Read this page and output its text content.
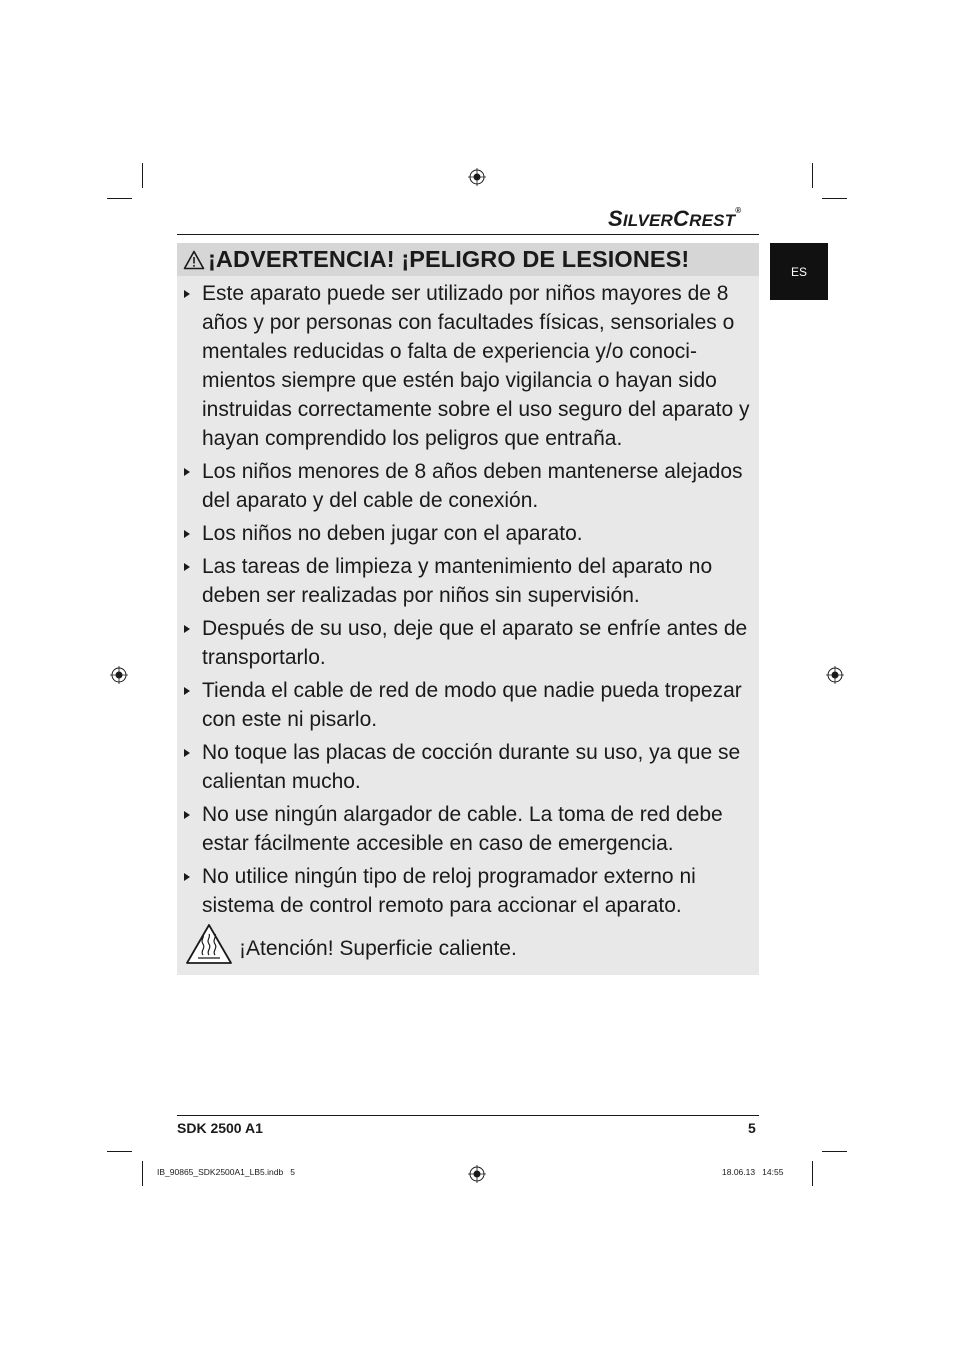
SILVERCREST®
ES
¡ADVERTENCIA! ¡PELIGRO DE LESIONES!
Este aparato puede ser utilizado por niños mayores de 8 años y por personas con facultades físicas, sensoriales o mentales reducidas o falta de experiencia y/o conoci-mientos siempre que estén bajo vigilancia o hayan sido instruidas correctamente sobre el uso seguro del aparato y hayan comprendido los peligros que entraña.
Los niños menores de 8 años deben mantenerse alejados del aparato y del cable de conexión.
Los niños no deben jugar con el aparato.
Las tareas de limpieza y mantenimiento del aparato no deben ser realizadas por niños sin supervisión.
Después de su uso, deje que el aparato se enfríe antes de transportarlo.
Tienda el cable de red de modo que nadie pueda tropezar con este ni pisarlo.
No toque las placas de cocción durante su uso, ya que se calientan mucho.
No use ningún alargador de cable. La toma de red debe estar fácilmente accesible en caso de emergencia.
No utilice ningún tipo de reloj programador externo ni sistema de control remoto para accionar el aparato.
¡Atención! Superficie caliente.
SDK 2500 A1	5
IB_90865_SDK2500A1_LB5.indb   5	18.06.13   14:55
